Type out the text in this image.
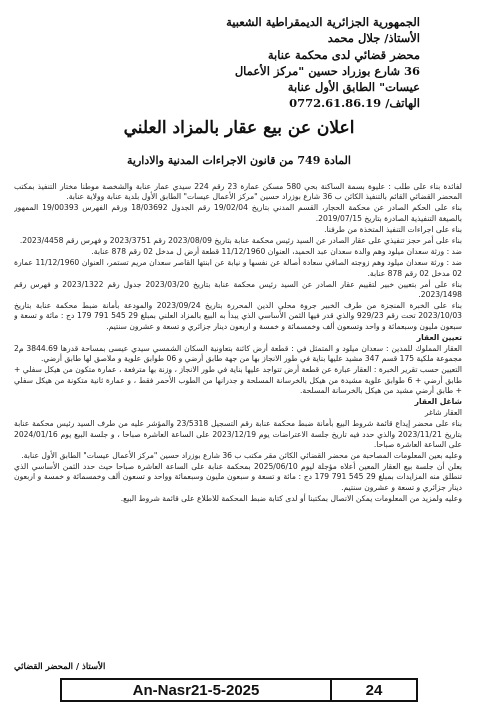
الجمهورية الجزائرية الديمقراطية الشعبية
الأستاذ/ جلال محمد
محضر قضائي لدى محكمة عنابة
36 شارع بوزراد حسين "مركز الأعمال
عيسات" الطابق الأول عنابة
الهاتف/ 0772.61.86.19
اعلان عن بيع عقار بالمزاد العلني
المادة 749 من قانون الاجراءات المدنية والادارية

لفائدة بناء على طلب : عليوة بسمة الساكنة بحي 580 مسكن عمارة 23 رقم 224 سيدي عمار عنابة والشخصة موطنا مختار التنفيذ بمكتب المحضر القضائي القائم بالتنفيذ الكائن ب 36 شارع بوزراد حسين "مركز الأعمال عيسات" الطابق الأول بلدية عنابة وولاية عنابة.

بناء على الحكم الصادر عن محكمة الحجار، القسم المدني بتاريخ 19/02/04 رقم الجدول 18/03692 ورقم الفهرس 19/00393 الممهور بالصيغة التنفيذية الصادرة بتاريخ 2019/07/15.

بناء على اجراءات التنفيذ المتخذة من طرفنا.

بناء على أمر حجز تنفيذي على عقار الصادر عن السيد رئيس محكمة عنابة بتاريخ 2023/08/09 رقم 2023/3751 و فهرس رقم 2023/4458.

ضد : ورثة سعدان ميلود وهم والدة سعدان عبد الحميد، العنوان 11/12/1960 قطعة أرض ل مدخل 02 رقم 878 عنابة.

ضد : ورثة سعدان ميلود وهم زوجته الصافي سعادة أصالة عن نفسها و نيابة عن ابنتها القاصر سعدان مريم تستمر، العنوان 11/12/1960 عمارة 02 مدخل 02 رقم 878 عنابة.

بناء على أمر بتعيين خبير لتقييم عقار الصادر عن السيد رئيس محكمة عنابة بتاريخ 2023/03/20 جدول رقم 2023/1322 و فهرس رقم 2023/1498.

بناء على الخبرة المنجزة من طرف الخبير جروة محلي الدين المحررة بتاريخ 2023/09/24 والمودعة بأمانة ضبط محكمة عنابة بتاريخ 2023/10/03 تحت رقم 929/23 والذي قدر فيها الثمن الأساسي الذي يبدأ به البيع بالمزاد العلني بمبلغ 29 545 791 179 دج : مائة و تسعة و سبعون مليون وسبعمائة و واحد وتسعون ألف وخمسمائة و خمسة و اربعون دينار جزائري و تسعة و عشرون سنتيم.

تعيين العقار

العقار المملوك للمدين : سعدان ميلود و المتمثل في : قطعة أرض كائنة بتعاونية السكان الشمسي سيدي عيسى بمساحة قدرها 3844.69 م2 مجموعة ملكية 175 قسم 347 مشيد عليها بناية في طور الانجاز بها من جهة طابق أرضي و 06 طوابق علوية و ملاصق لها طابق أرضي.

التعيين حسب تقرير الخبرة : العقار عبارة عن قطعة أرض تتواجد عليها بناية في طور الانجاز ، وزنة بها مترفعة ، عمارة متكون من هيكل سفلي + طابق أرضي + 6 طوابق علوية مشيدة من هيكل بالخرسانة المسلحة و جدرانها من الطوب الأحمر فقط ، و عمارة ثانية متكونة من هيكل سفلي + طابق أرضي مشيد من هيكل بالخرسانة المسلحة.

شاغل العقار

العقار شاغر

بناء على محضر إيداع قائمة شروط البيع بأمانة ضبط محكمة عنابة رقم التسجيل 23/5318 والمؤشر عليه من طرف السيد رئيس محكمة عنابة بتاريخ 2023/11/21 والذي حدد فيه تاريخ جلسة الاعتراضات يوم 2023/12/19 على الساعة العاشرة صباحا ، و جلسة البيع يوم 2024/01/16 على الساعة العاشرة صباحا.

وعليه بعين المعلومات المصاحبة من محضر القضائي الكائن مقر مكتب ب 36 شارع بوزراد حسين "مركز الأعمال عيسات" الطابق الأول عنابة.

بعلن أن جلسة بيع العقار المعين أعلاه مؤجلة ليوم 2025/06/10 بمحكمة عنابة على الساعة العاشرة صباحا حيث حدد الثمن الأساسي الذي تنطلق منه المزايدات بمبلغ 29 545 791 179 دج : مائة و تسعة و سبعون مليون وسبعمائة وواحد و تسعون ألف وخمسمائة و خمسة و اربعون دينار جزائري و تسعة و عشرون سنتيم.

وعليه ولمزيد من المعلومات يمكن الاتصال بمكتبنا أو لدى كتابة ضبط المحكمة للاطلاع على قائمة شروط البيع.

الأستاذ / المحضر القضائي
An-Nasr21-5-2025	24
